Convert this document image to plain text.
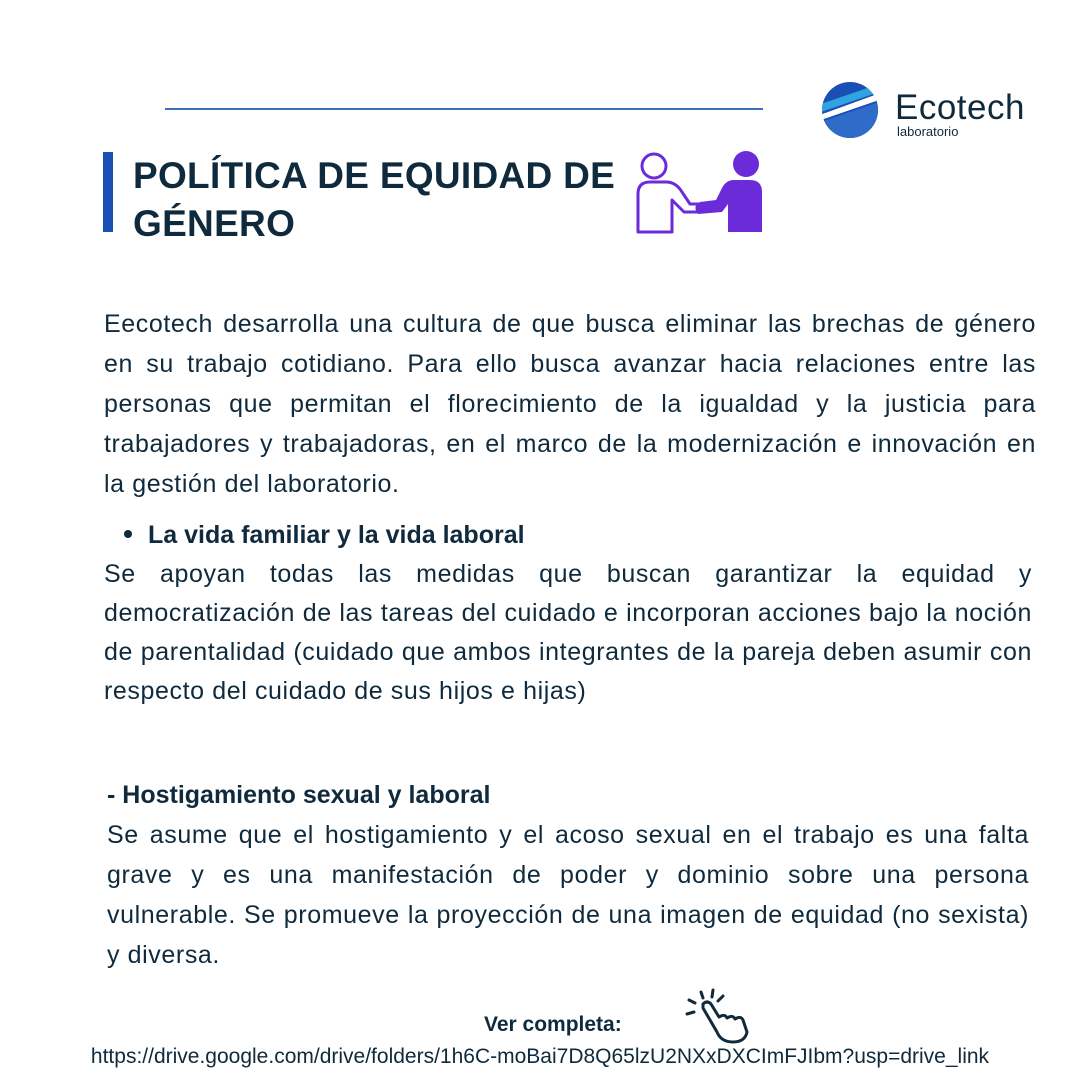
Ecotech
laboratorio
POLÍTICA DE EQUIDAD DE GÉNERO

Eecotech desarrolla una cultura de que busca eliminar las brechas de género en su trabajo cotidiano. Para ello busca avanzar hacia relaciones entre las personas que permitan el florecimiento de la igualdad y la justicia para trabajadores y trabajadoras, en el marco de la modernización e innovación en la gestión del laboratorio.

La vida familiar y la vida laboral

Se apoyan todas las medidas que buscan garantizar la equidad y democratización de las tareas del cuidado e incorporan acciones bajo la noción de parentalidad (cuidado que ambos integrantes de la pareja deben asumir con respecto del cuidado de sus hijos e hijas)

- Hostigamiento sexual y laboral

Se asume que el hostigamiento y el acoso sexual en el trabajo es una falta grave y es una manifestación de poder y dominio sobre una persona vulnerable. Se promueve la proyección de una imagen de equidad (no sexista) y diversa.

Ver completa:

https://drive.google.com/drive/folders/1h6C-moBai7D8Q65lzU2NXxDXCImFJIbm?usp=drive_link
